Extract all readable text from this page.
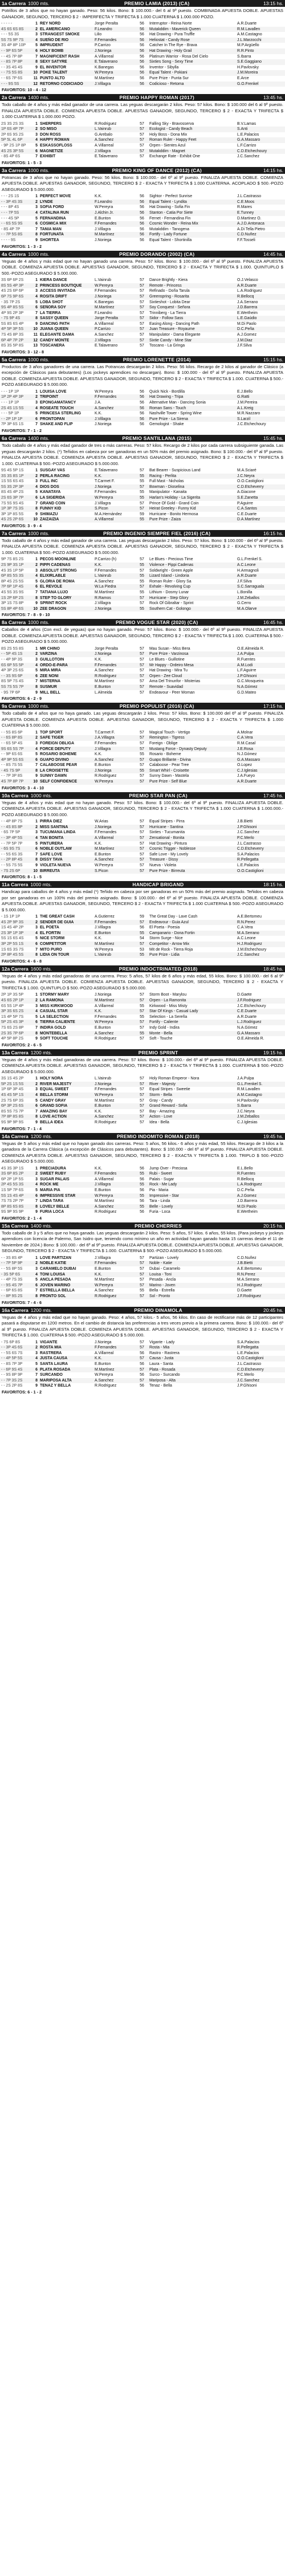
1a Carrera 1000 mts.	PREMIO LAMIA (2013) (CA)	13:15 hs.
Potrillos de 3 años que no hayan ganado. Peso: 56 kilos. Bono: $ 100.000.- del 6 al 9º puesto. COMBINADA APUESTA DOBLE. APUESTAS GANADOR, SEGUNDO, TERCERO $ 2 - IMPERFECTA Y TRIFECTA $ 1.000 CUATERNA $ 1.000.000 POZO.
- - - - -	1	REY NORD	Jorge Peralta	56	Interruptor - Reina Norte	A.R.Duarte
4S 6S 6S 8S	2	EL AMERICANO	F.Leandro	56	Mutakddim - Maverick Queen	R.M.Lavallen
- - - 5S 3S	3	STRANGEST SMOKE	Lilio	56	Hat Drawing - Pura Truffle	A.M.Castagno
5S 7S 9P 7S	4	SUEÑO DE RIO	F.Fernandes	56	Heliostat - Candy Rose	J.L.Marzocchi
3S 4P 8P 10P	5	IMPRUDENT	P.Carrizo	56	Catcher In The Rye - Brava	M.P.Argüello
- - 9P 6S 5P	6	HOLY BOMB	J.Noriega	56	Hat Drawing - Holy Grail	R.R.Pinto
- - 4S 7P 8P	7	MAGNIFICENT RASH	A.Villarreal	56	Platinum Warrior - Rosa Del Cielo	S.Ibarra
- - 8S 7P 8P	8	SEXY SATYRE	E.Talaverano	56	Sixties Song - Sexy Time	S.E.Gaggiano
- - 3S 4S 4S	9	EL INVENTOR	K.Banegas	56	Inventor - Sibylla	H.Pavlovsky
- - 7S 5S 8S	10	POKE TALENT	W.Pereyra	56	Equal Talent - Pokiani	J.M.Moreira
- - 6S 7P 6S	11	PUNTO ALTO	M.Martínez	56	Pure Prize - Punta Sur	E.Arce
- - - 9S 5S	12	RETORNO CODICIADO	J.Villagra	56	Codicioso - Retoma	G.O.Frenkel
FAVORITOS: 10 - 4 - 12
2a Carrera 1400 mts.	PREMIO HAPPY ROMAN (2017)	13:45 hs.
Todo caballo de 4 años y más edad ganador de una carrera. Las yeguas descargarán 2 kilos. Peso: 57 kilos. Bono: $ 100.000 del 6 al 9º puesto. FINALIZA APUESTA DOBLE. COMIENZA APUESTA DOBLE. APUESTAS GANADOR, SEGUNDO, TERCERO $ 2 - EXACTA Y TRIFECTA $ 1.000 CUATERNA $ 1.000.000 POZO.
2S 3S 2S 3S	1	SHERPERS	R.Rodriguez	57	Falling Sky - Bravosserva	B.V.Lamas
1P 6S 4P 7P	2	SO MISO	L.Vainrub	57	Ecologist - Candy Beach	S.Anti
2P 6S 9S 2S	3	DON ROSS	G.Arebalo	57	Holy Boss - Dona Mix	L.E.Palacios
5P 5L 4L 6P	4	HAPPY ROMAN	A.Sanchez	57	Roman Ruler - Happy Feet	G.A.Massaro
- 9P 2S 1P 8P	5	ESKASSOFLOSS	A.Villarreal	57	Orpen - Sientes Azul	L.F.Carrizo
4S 2S 3P 5S	6	MAGNETIZE	J.Villagra	57	Mutakddim - Magnet	C.D.Etchechoury
- 8S 4P 6S	7	EXHIBIT	E.Talaverano	57	Exchange Rate - Exhibit One	J.C.Sanchez
FAVORITOS: 1 - 5 - 3
3a Carrera 1000 mts.	PREMIO KING OF DANCE (2012) (CA)	14:15 hs.
Potrancas de 3 años que no hayan ganado. Peso: 56 kilos. Bono: $ 100.000.- del 6º al 9º puesto. FINALIZA APUESTA DOBLE. COMIENZA APUESTA DOBLE. APUESTAS GANADOR, SEGUNDO, TERCERO $ 2 - EXACTA Y TRIFECTA $ 1.000 CUATERNA. ACOPLADO $ 500.-POZO ASEGURADO $ 5.000.000.
- - - 2S 1S	1	PERFECT MOVE	K.K.	56	Sightor - Perfect Sunrise	J.L.Castrasso
- - 3P 4S 3S	2	LYNDE	F.Leandro	56	Equal Talent - Lyndita	C.E.Moos
- - - 8P 4S	3	SOFIA FORD	W.Pereyra	56	Hat Drawing - Sofia Fin	R.Mares
- - - 7P 5S	4	CATALINA RUN	J.Alchin Jr.	56	Stanton - Catia Por Siete	E.Tunney
- - - 4S 5P	5	FERNANDINA	E.Bunton	56	Fernet - Fernandina Fin	D.Martinez O.
- - 6S 5S 9S	6	COSMICA MIX	F.Fernandes	56	Cosmic Wonder - Reina Mix	A.J.D.Antonaca
- 8S 4P 7P	7	TANIA MAN	J.Villagra	56	Mutakddim - Tanogena	A.Di Tella Pietro
- - 7P 5S 8S	8	FORTUNATA	M.Martínez	56	Fortify - Lady Fortune	C.D.Nuñez
- - - - 9S	9	SHORTEA	J.Noriega	56	Equal Talent - Shortinilla	F.F.Tosseli
FAVORITOS: 1 - 3 - 2
4a Carrera 1000 mts.	PREMIO DORANDO (2002) (CA)	14:45 hs.
Yeguas de 4 años y más edad que no hayan ganado una carrera. Peso: 57 kilos. Bono: $ 100.000.- del 6º al 9º puesto. FINALIZA APUESTA DOBLE. COMIENZA APUESTA DOBLE. APUESTAS GANADOR, SEGUNDO, TERCERO $ 2 - EXACTA Y TRIFECTA $ 1.000. QUINTUPLO $ 500.-POZO ASEGURADO $ 5.000.000.
3S 6P 6P 2S	1	KIERA DANCE	L.Vainrub	57	Dance Brightly - Kiera	O.J.Velasco
8S 5S 4P 3P	2	PRINCESS BOUTIQUE	W.Pereyra	57	Remote - Princess	A.R.Duarte
4S 2S 6P 6P	3	ACCESS INVITADA	F.Fernandes	57	Refinado - Doña Tarula	L.A.Rodriguez
6P 7S 9P 6S	4	ROSITA DRIFT	J.Noriega	57	Greenspring - Rosarita	R.Bellocq
- 3S 7P 2S	5	LOBA SHOT	K.Banegas	57	Sixtieshot - Lobita Dear	J.A.Serrano
9S 4P 8S 5S	6	SEÑORA SOY	M.Martínez	57	Soy Conquest - Señora	J.D.Barrera
4P 9S 2P 3P	7	LA TIERRA	F.Leandro	57	Trinniberg - La Tierra	E.Wertheim
- 7S 9P 4S	8	SASSY QUEEN	Jorge Peralta	57	Sidor - Follow Sass	L.E.Gaúdio
5S 8S 6S 4P	9	DANCING PATH	A.Villarreal	57	Easing Along - Dancing Path	M.Di Paolo
4P 5P 3P 5S	10	JUANA QUEEN	P.Carrizo	57	Juan Treasure - Royaume	D.C.Peña
7S 4S 8P 3S	11	ELEGANTE DAMA	A.Sanchez	57	Manipulator - Dama Elegante	A.J.Gomez
6P 4P 7P 2P	12	CANDY MONTE	J.Villagra	57	Sixtie Candy - Mine Star	J.M.Diaz
8S 3S 5P 8S	13	TOSCANERA	E.Talaverano	57	Toscano - La Gringa	J.F.Silva
FAVORITOS: 3 - 12 - 8
5a Carrera 1000 mts.	PREMIO LORENETTE (2014)	15:15 hs.
Productos de 3 años ganadores de una carrera. Las Potrancas descargarán 2 kilos. Peso: 56 kilos. Recargo de 2 kilos al ganador de Clásico (a excepción de Clásicos para debutantes) (Los jockeys aprendices no descargan). Bono: $ 100.000 - del 6º al 9º puesto. FINALIZA APUESTA DOBLE. COMIENZA APUESTA DOBLE. APUESTAS GANADOR, SEGUNDO, TERCERO $ 2 - EXACTA Y TRIFECTA $ 1.000. CUATERNA $ 500.-POZO ASEGURADO $ 5.000.000.
- - - 1P 1P	1	LOUISA LOVE	W.Pereyra	56	Quick Nick - Bordilla	E.J.Bello
1P 2P 4P 3P	2	TRIPOINT	F.Fernandes	56	Hat Drawing - Tripa	G.Ratti
- - - 1P 1P	3	EPONGAMATANCY	J.A.	56	Alternative Man - Dancing Sonia	J.M.Pereira
2S 4S 1S 5S	4	ROSEATE TOUCH	A.Sanchez	56	Roman Sans - Touch	A.L.Kreig
- - - 5P 1P	5	PRINCESA STERLING	K.K.	56	Nashville Tower - Spring Wine	M.R.Nazzaro
- - 2P 1P 1P	6	PRONTOPAN	J.Villagra	56	Pure Prize - La Sirena	S.Larzil
7P 3P 6S 1S	7	SHAKE AND FLIP	J.Noriega	56	Gemologist - Shake	J.C.Etchechoury
FAVORITOS: 7 - 1 - 2
6a Carrera 1400 mts.	PREMIO SANTILLANA (2015)	15:45 hs.
Todo caballo de 4 años y más edad ganador de tres o más carreras. Peso: 57 kilos. Recargo de 2 kilos por cada carrera subsiguiente ganada. Las yeguas descargarán 2 kilos. (*) Teñidos en cabeza por ser ganadoras en un 50% más del premio asignado. Bono: $ 100.000.- del 6º al 9º puesto. FINALIZA APUESTA DOBLE. COMIENZA APUESTA DOBLE. APUESTAS GANADOR, SEGUNDO, TERCERO $ 2 - EXACTA Y TRIFECTA $ 1.000. CUATERNA $ 500.-POZO ASEGURADO $ 5.000.000.
9S 4S 5P 1S	1	SUSGAY VAS	E.Talaverano	57	Bat Bearer - Suspicious Land	M.A.Sciaré
3S 3S 8S 1P	2	PERLA RACING	K.K.	55	Racing - Perlita	J.C.Neyra
1S 5S 6S 4S	3	FULL INC	T.Carmet F.	55	Full Mast - Nicholas	O.O.Castiglioni
5S 3S 2P 3P	4	DIOS DOS	J.Noriega	57	Bowman - Dioselina	C.D.Etcheverry
8S 4S 4P 2S	5	KANATAYA	F.Fernandes	55	Manipulator - Kanaita	A.Giacone
2S 6S 3P 7P	6	LA SIGERIDA	W.Pereyra	55	Harlan's Holiday - La Sigerita	S.E.Zanetta
7S 5S 9S 4S	7	GRAND COIN	J.Villagra	57	Prince Of Gold - Grand Coin	P.Aguirre
1P 3P 7S 3S	8	FUNNY KID	S.Picon	57	Heirat Greeley - Funny Kid	C.A.Santos
3P 1P 8S 5S	9	SHIMAZU	M.A.Hernández	59	Hurricane - Bonito Hermosa	C.E.Duarte
4S 2S 2P 6S	10	ZAIZAIZIA	A.Villarreal	55	Pure Prize - Zaiza	D.A.Martínez
FAVORITOS: 3 - 9 - 4
7a Carrera 1000 mts.	PREMIO INGENIO SIEMPRE FIEL (2016) (CA)	16:15 hs.
Todo caballo de 4 años y más edad ganador de una carrera. Las yeguas descargarán 2 kilos. Peso: 57 kilos. Bono: $ 100.000 - del 6º al 9º puesto. FINALIZA APUESTA DOBLE. COMIENZA APUESTA DOBLE. APUESTAS GANADOR, SEGUNDO, TERCERO $ 2 - EXACTA Y TRIFECTA $ 1.000. CUATERNA $ 500.-POZO ASEGURADO $ 5.000.000.
9P 7S 8S 2S	1	PECOS MOONLINE	P.Carrizo (h)	57	Le Blues - Precious Time	G.L.Frenkel S.
2S 9P 3S 1P	2	PIPPI CADENAS	K.K.	55	Violence - Pippi Cadenas	A.C.Leone
4S 3S 1P 5P	3	ABSOLUT STRONG	F.Fernandes	57	Soldwright - Green Apple	H.Armagnoli
6P 8S 5S 3S	4	ELIXIRLABLE	L.Vainrub	55	Lizard Island - Lindoria	A.R.Duarte
8P 4S 2S 5S	5	GLORIA DE ROMA	A.Sanchez	55	Roman Ruler - Glory Sa	J.F.Silva
7P 6P 1P 4S	6	EL REVOLE	W.La Piedra	57	Exhale - Revolving Cup	S.C.Sarraguala
4S 5S 3S 9S	7	TATIANA LUJO	M.Martínez	55	Lithium - Dosmy Lunar	L.Bonilla
1S 2P 6P 2S	8	STEP TO GLORY	R.Ramos	57	Hurricane - Step Glory	J.M.Zeballos
3P 1S 7S 8P	9	SPRINT ROCK	J.Villagra	57	Rock Of Gibraltar - Sprint	G.Cerro
5S 8P 4P 6S	10	ZEE DRAGON	J.Noriega	55	Southern Cat - Golongo	M.A.Olarve
FAVORITOS: 7 - 8 - 9 - 10
8a Carrera 1000 mts.	PREMIO VOGUE STAR (2020) (CA)	16:45 hs.
Caballos de 4 años (Con excl. de yeguas) que no hayan ganado. Peso: 57 kilos. Bono: $ 100.000.- del 6º al 9º puesto. FINALIZA APUESTA DOBLE. COMIENZA APUESTA DOBLE. APUESTAS GANADOR, SEGUNDO, TERCERO $ 2 - EXACTA Y TRIFECTA $ 1.000. CUATERNA $ 500.-POZO ASEGURADO $ 5.000.000.
8S 2S 5S 8S	1	MR CHINO	Jorge Peralta	57	Mau Susan - Miss Bera	O.E.Almeida R.
- - 5P 4S 1S	2	VARZINA	J.Noriega	57	Pure Prize - Varzinosa	J.A.Pulpa
- - 4P 9P 3S	3	GUILLOTOIN	K.K.	57	Le Blues - Guillotine	R.Fuentes
6S 6P 5S 5P	4	ORDO-E-PARA	F.Fernandes	57	Mr Happy - Ordeiro Mesa	A.M.Lodi
4P 3P 2S 6S	5	MIRA MIRA	A.Sanchez	57	Hat Drawing - Mira Tu	L.F.Aguirre
- - 3S 9S 6P	6	ZEE NONI	R.Rodriguez	57	Orpen - Zee Cloud	J.P.Ghisoni
8S 5P 7S 4S	7	MISTERNA	M.Martínez	57	Ama Del Trinunfor - Misterias	G.C.Mosqueira
5S 7S 5S 7P	8	SUSMUR	E.Bunton	57	Remote - Suavidad	N.A.Gómez
- 9S 7P 6P	9	MILL BELL	L.Almeida	57	Endeavour - Peer Woman	G.D.Mateo
FAVORITOS: 6 - 2 - 9
9a Carrera 1000 mts.	PREMIO POPULIST (2016) (CA)	17:15 hs.
Todo caballo de 4 años que no haya ganado. Las yeguas descargarán 2 kilos. Peso: 57 kilos. Bono: $ 100.000 del 6º al 9º puesto. FINALIZA APUESTA DOBLE. COMIENZA APUESTA DOBLE. APUESTAS GANADOR, SEGUNDO, TERCERO $ 2 - EXACTA Y TRIFECTA $ 1.000 CUATERNA $ 5.000.000.
- - 5S 8S 6P	1	TOP SPORT	T.Carmet F.	57	Magical Touch - Vertigo	A.Molnar
- - 6S 8P 8S	2	SAFE TIGER	J.A.Villagra	57	Remington - Tigress	C.A.Vera
- - 6S 5P 4S	3	FOREIGN OBLIGA	F.Fernandes	57	Foreign - Oblige	R.M.Casal
9S 6S 5S 7P	4	FORCE DEPUTY	J.Villagra	57	Mustang Force - Dynasty Deputy	J.E.Rosa
- - 9P 6S 6S	5	ROSARIO BOHEME	K.K.	55	Rosario - Boheme	N.J.Gómez
4P 9P 5S 6S	6	GUAPO DIVINO	A.Sanchez	57	Guapo Brillante - Divina	G.A.Massaro
- - 8S 7S 5S	7	CALABOOSE PEAR	E.Bunton	57	Calaboose - Pear Tree	O.Lopez
- 4S 7S 9P	8	LA CROISETTE	J.Noriega	55	Smart Whirl - Croisette	C.J.Iglesias
- - 7P 3P 8S	9	SUNNY DAWN	R.Rodriguez	57	Sunny Dawn - Mastela	J.A.Fueyo
4S 7P 8P 7P	10	SELF CONFIDENCE	W.Pereyra	57	Pure Prize - Self Blue	A.R.Duarte
FAVORITOS: 3 - 4 - 10
10a Carrera 1000 mts.	PREMIO STAR PAN (CA)	17:45 hs.
Yeguas de 4 años y más edad que no hayan ganado. Peso: 57 kilos. Bono: $ 100.000.- del 6º al 9º puesto. FINALIZA APUESTA DOBLE. COMIENZA APUESTA DOBLE. APUESTAS GANADOR, SEGUNDO, TERCERO $ 2 - EXACTA Y TRIFECTA $ 1.000 CUATERNA $ 1.000.000.-POZO ASEGURADO $ 5.000.000.
- - 4P 8P 7S	1	PIRRA DIEZ	W.Arias	57	Equal Stripes - Pirra	J.B.Bietti
- - 4S 8S 8P	2	MISS SANTINA	J.Noriega	57	Hurricane - Santina	J.P.Ghisoni
- 6S 7P 5P	3	TUCUMANA LINDA	F.Fernandes	57	Sixties - Tucumanita	J.C.Sanchez
- - 3P 4P 5S	4	TAN BONITA	A.Villarreal	57	Zensational - Bonita	P.C.Merlo
- - 7P 5P 7P	5	PINTURERA	K.K.	57	Hat Drawing - Pintura	J.L.Castrasso
- 6S 9S 7S	6	NOBLE OUTLAW	M.Martínez	57	Cosmic Trigger - Noblesse	C.D.Etcheverry
- - 5S 6S 3S	7	SAFE LOVE	E.Bunton	57	Safe Love - My Lovely	S.A.Palacios
- - 2P 8P 4S	8	DISSY TAVA	A.Sanchez	57	Treasure - Dissy	R.Pellegatta
- - 5S 7S 5S	9	VIOLETA NUEVA	W.Pereyra	57	Nueva - Violeta	L.E.Palacios
- 7S 2S 6P	10	BIRREUTA	S.Picon	57	Pure Prize - Birreuta	O.O.Castiglioni
FAVORITOS: 8 - 1 - 5
11a Carrera 1000 mts.	HANDICAP BRIGAND	18:15 hs.
Handicap para caballos de 4 años y más edad (*) Teñido en cabeza por ser ganadoras en un 50% más del premio asignado. Teñidos en cabeza por ser ganadoras en un 100% más del premio asignado. Bono: $ 100.000.- del 6º al 9º puesto. FINALIZA APUESTA DOBLE. COMIENZA APUESTA DOBLE. APUESTAS GANADOR, SEGUNDO, TERCERO $ 2 - EXACTA Y TRIFECTA $ 1.000 CUATERNA $ 500.-POZO ASEGURADO $ 5.000.000.
- 1S 1P 1P	1	THE GREAT CASH	A.Gutierrez	59	The Great Day - Lave Cash	A.E.Bertomeu
4S 2P 9P 3S	2	SENDER DE GUIA	F.Fernandes	57	Endeavour - Guia Azul	R.N.Perez
1S 4S 4P 2P	3	EL POETA	J.Villagra	56	El Poeta - Poesia	C.A.Vera
2S 3P 1P 3P	4	EL FORTIN	E.Bunton	55	Campanario - Dona Fortin	M.A.Serrano
5S 1S 6S 4S	5	NICE STORM	K.K.	54	Storm Surge - Nice	A.C.Leone
3P 2P 5S 1S	6	COMPETITOR	M.Martínez	57	Competitor - Arrow Mix	H.J.Rodriguez
1S 6S 3S 7S	7	MITO PURO	W.Pereyra	53	Mit de Rock - Tierra Roja	J.M.Etchechoury
2P 8P 4S 5S	8	LIDIA ON TOUR	L.Vainrub	55	Pure Prize - Lidia	J.C.Sanchez
FAVORITOS: 4 - 6 - 8
12a Carrera 1600 mts.	PREMIO INDOCTRINATED (2018)	18:45 hs.
Yeguas de 4 años y más edad ganadoras de una carrera. Peso: 5 años, 57 kilos de 6 años y más edad, 55 kilos. Bono: $ 100.000.- del 6 al 9º puesto. FINALIZA APUESTA DOBLE. COMIENZA APUESTA DOBLE. APUESTAS GANADOR, SEGUNDO, TERCERO $ 2 - EXACTA Y TRIFECTA $ 1.000. QUINTUPLO $ 500.-POZO ASEGURADO $ 5.000.000.
2P 1P 3S 5P	1	STORMY MARY	J.Noriega	57	Storm Boot - Marylou	D.Gaete
4S 6S 2P 1P	2	LA RAMONA	M.Martínez	57	Orpen - La Ramonita	J.F.Rodriguez
6S 5S 1P 4P	3	MISS KIRKWOOD	A.Villarreal	55	Kirkwood - Miss Misty	J.C.Etchechoury
3P 3S 6S 2S	4	CASUAL STAR	K.K.	57	Star Of Kings - Casual Lady	C.E.Duarte
1S 4P 5P 7S	5	LA SELECTION	F.Fernandes	55	Selection - La Sereña	A.R.Duarte
5P 2S 4S 3P	6	TIERRA CALIENTE	W.Pereyra	57	Fortify - Caliente	L.J.Rodriguez
7S 6S 2S 8P	7	INDIRA GOLD	E.Bunton	57	Indy Gold - Indira	N.A.Gómez
2S 3S 7P 6P	8	MONTEBELLA	A.Sanchez	55	Monte - Bella	G.A.Massaro
4P 5P 8P 2S	9	SOFT TOUCHE	R.Rodriguez	57	Soft - Touche	O.E.Almeida R.
FAVORITOS: 2 - 6 - 5
13a Carrera 1200 mts.	PREMIO SPRINT	19:15 hs.
Yeguas de 4 años y más edad ganadoras de una carrera. Peso: 57 kilos. Bono: $ 100.000.- del 6º al 9º puesto. FINALIZA APUESTA DOBLE. COMIENZA APUESTA DOBLE. APUESTAS GANADOR, SEGUNDO, TERCERO $ 2 - EXACTA Y TRIFECTA $ 1.000. CUATERNA $ 500.-POZO ASEGURADO $ 5.000.000.
3S 1S 4S 2P	1	HOLY NORA	L.Vainrub	57	Holy Roman Emperor - Nora	J.A.Pulpa
5P 2S 1S 5S	2	RIVER MAJESTY	J.Noriega	57	River - Majesty	G.L.Frenkel S.
1P 6P 3P 4S	3	EQUAL SWEET	F.Fernandes	57	Equal Stripes - Sweetie	R.M.Lavallen
4S 4S 5P 1S	4	BELLA STORM	W.Pereyra	57	Storm - Bella	A.M.Castagno
2S 7S 6P 3S	5	CANDY GRAY	M.Martínez	57	Gray - Candy	H.Pavlovsky
6P 3P 2S 6S	6	GRAND SOFIA	E.Bunton	57	Grand Reward - Sofia	S.Ibarra
8S 5S 7S 7P	7	AMAZING BAY	K.K.	57	Bay - Amazing	J.C.Neyra
7P 8P 8S 8S	8	LOVE ACTION	A.Sanchez	57	Action - Love	J.M.Zeballos
9S 9P 9P 9S	9	BELLA IDEA	R.Rodriguez	57	Idea - Bella	C.J.Iglesias
FAVORITOS: 7 - 1 - 4
14a Carrera 1200 mts.	PREMIO INDOMITO ROMAN (2018)	19:45 hs.
Yeguas de 5 años y más edad que no hayan ganado dos carreras. Peso: 5 años, 56 kilos.- 6 años y más edad, 55 kilos. Recargo de 3 kilos a la ganadora de la Carrera Clásica (a excepción de Clásicos para debutantes). Bono: $ 100.000 - del 6º al 9º puesto. FINALIZA APUESTA DOBLE. COMIENZA APUESTA DOBLE. APUESTAS GANADOR, SEGUNDO, TERCERO $ 2 - EXACTA Y TRIFECTA $ 1.000. TRIPLO $ 500.-POZO ASEGURADO $ 5.000.000.
4S 3S 3P 1S	1	PRECIADURA	K.K.	56	Jump Over - Preciosa	E.L.Bello
3S 6P 8S 2P	2	SWEET RUBY	F.Fernandes	55	Rubi - Sweet	R.Fuentes
6P 2P 1P 5S	3	SUGAR PALAIS	A.Villarreal	56	Palais - Sugar	R.Bellocq
2P 4S 5S 3S	4	ROCK ME	J.Villagra	55	Rock - Me Lady	L.A.Rodriguez
1S 5P 7P 6S	5	MARIA PIA	E.Bunton	56	Pia - Maria	D.C.Peña
5S 1S 4S 4P	6	IMPRESSIVE STAR	W.Pereyra	55	Impressive - Star	A.J.Gomez
7S 7S 2P 7P	7	LINDA TARA	M.Martínez	56	Tara - Linda	J.D.Barrera
8P 8S 6S 8S	8	LOVELY BELLE	A.Sanchez	55	Belle - Lovely	M.Di Paolo
9S 9P 9S 9P	9	FURIA LOCA	R.Rodriguez	56	Furia - Loca	E.Wertheim
FAVORITOS: 2 - 1 - 4
15a Carrera 1400 mts.	PREMIO CHERRIES	20:15 hs.
Todo caballo de 3 y 5 años que no haya ganado. Las yeguas descargarán 2 kilos. Peso: 5 años, 57 kilos. 6 años, 55 kilos. (Para jockeys y jockeys aprendices con licencia de Palermo, San Isidro que, teniendo como mínimo un año en actividad hayan ganado hasta 15 carreras desde el 11 de Noviembre de 2024.) Bono: $ 100.000.- del 6º al 9º puesto. FINALIZA APUESTA DOBLE. COMIENZA APUESTA DOBLE. APUESTAS GANADOR, SEGUNDO, TERCERO $ 2 - EXACTA Y TRIFECTA $ 1.000. CUATERNA $ 500.-POZO ASEGURADO $ 5.000.000.
- - 3S 8S 4P	1	LOVE PARTIZAN	J.Villagra	57	Partizan - Lovely	C.D.Nuñez
- - 7P 5P 9P	2	NOBLE KATIE	F.Fernandes	57	Noble - Katie	J.B.Bietti
- - 5S 8P 5S	3	CARAMELO DUBAI	E.Bunton	57	Dubai - Caramelo	A.E.Bertomeu
- 3S 5P 6S	4	TONI LOUISA	K.K.	57	Louisa - Toni	R.N.Perez
- - 4P 7S 3S	5	ANCLA PESADA	M.Martínez	57	Pesada - Ancla	M.A.Serrano
- - 9S 4S 7P	6	JOVEN MARINO	W.Pereyra	57	Marino - Joven	H.J.Rodriguez
- - 6P 6S 8S	7	ESTRELLA BELLA	A.Sanchez	55	Bella - Estrella	D.Gaete
- - 8P 9S 2S	8	PRONTO SOL	R.Rodriguez	57	Sol - Pronto	J.F.Rodriguez
FAVORITOS: 7 - 4 - 6
16a Carrera 1200 mts.	PREMIO DINAMOLA	20:45 hs.
Yeguas de 4 años y más edad que no hayan ganado. Peso: 4 años, 57 kilos.- 5 años, 56 kilos. En caso de rectificarse más de 12 participantes pasará a disputarse en 1200 metros. En el cambio de distancia las preferencias a tres veces previo a la primera carrera. Bono: $ 100.000.- del 6º al 9º puesto. FINALIZA APUESTA DOBLE. COMIENZA APUESTA DOBLE. APUESTAS GANADOR, SEGUNDO, TERCERO $ 2 - EXACTA Y TRIFECTA $ 1.000. CUATERNA $ 500.-POZO ASEGURADO $ 5.000.000.
- 7S 6P 8S	1	VIGANTE	J.Noriega	57	Vigante - Lady	S.A.Palacios
- - 3P 4S 6S	2	ROSTA MIA	F.Fernandes	57	Rosta - Mia	R.Pellegatta
- - 5S 6S 7S	3	RASTRERA	A.Villarreal	56	Rastro - Rastrera	L.E.Palacios
- - 4P 5P 5S	4	JUSTA CAUSA	K.K.	57	Causa - Justa	O.O.Castiglioni
- - 8S 7P 3P	5	SANTA LAURA	E.Bunton	56	Laura - Santa	J.L.Castrasso
- - 6P 9S 4S	6	PLATA ROSADA	M.Martínez	57	Plata - Rosada	C.D.Etcheverry
- - 9S 8P 9P	7	SURCANDO	W.Pereyra	56	Surco - Surcando	P.C.Merlo
- - 7P 3S 2S	8	MARIPOSA ALTA	A.Sanchez	57	Mariposa - Alta	J.C.Sanchez
- - 2S 2P 8S	9	TENAZ Y BELLA	R.Rodriguez	56	Tenaz - Bella	J.P.Ghisoni
FAVORITOS: 6 - 1 - 2
